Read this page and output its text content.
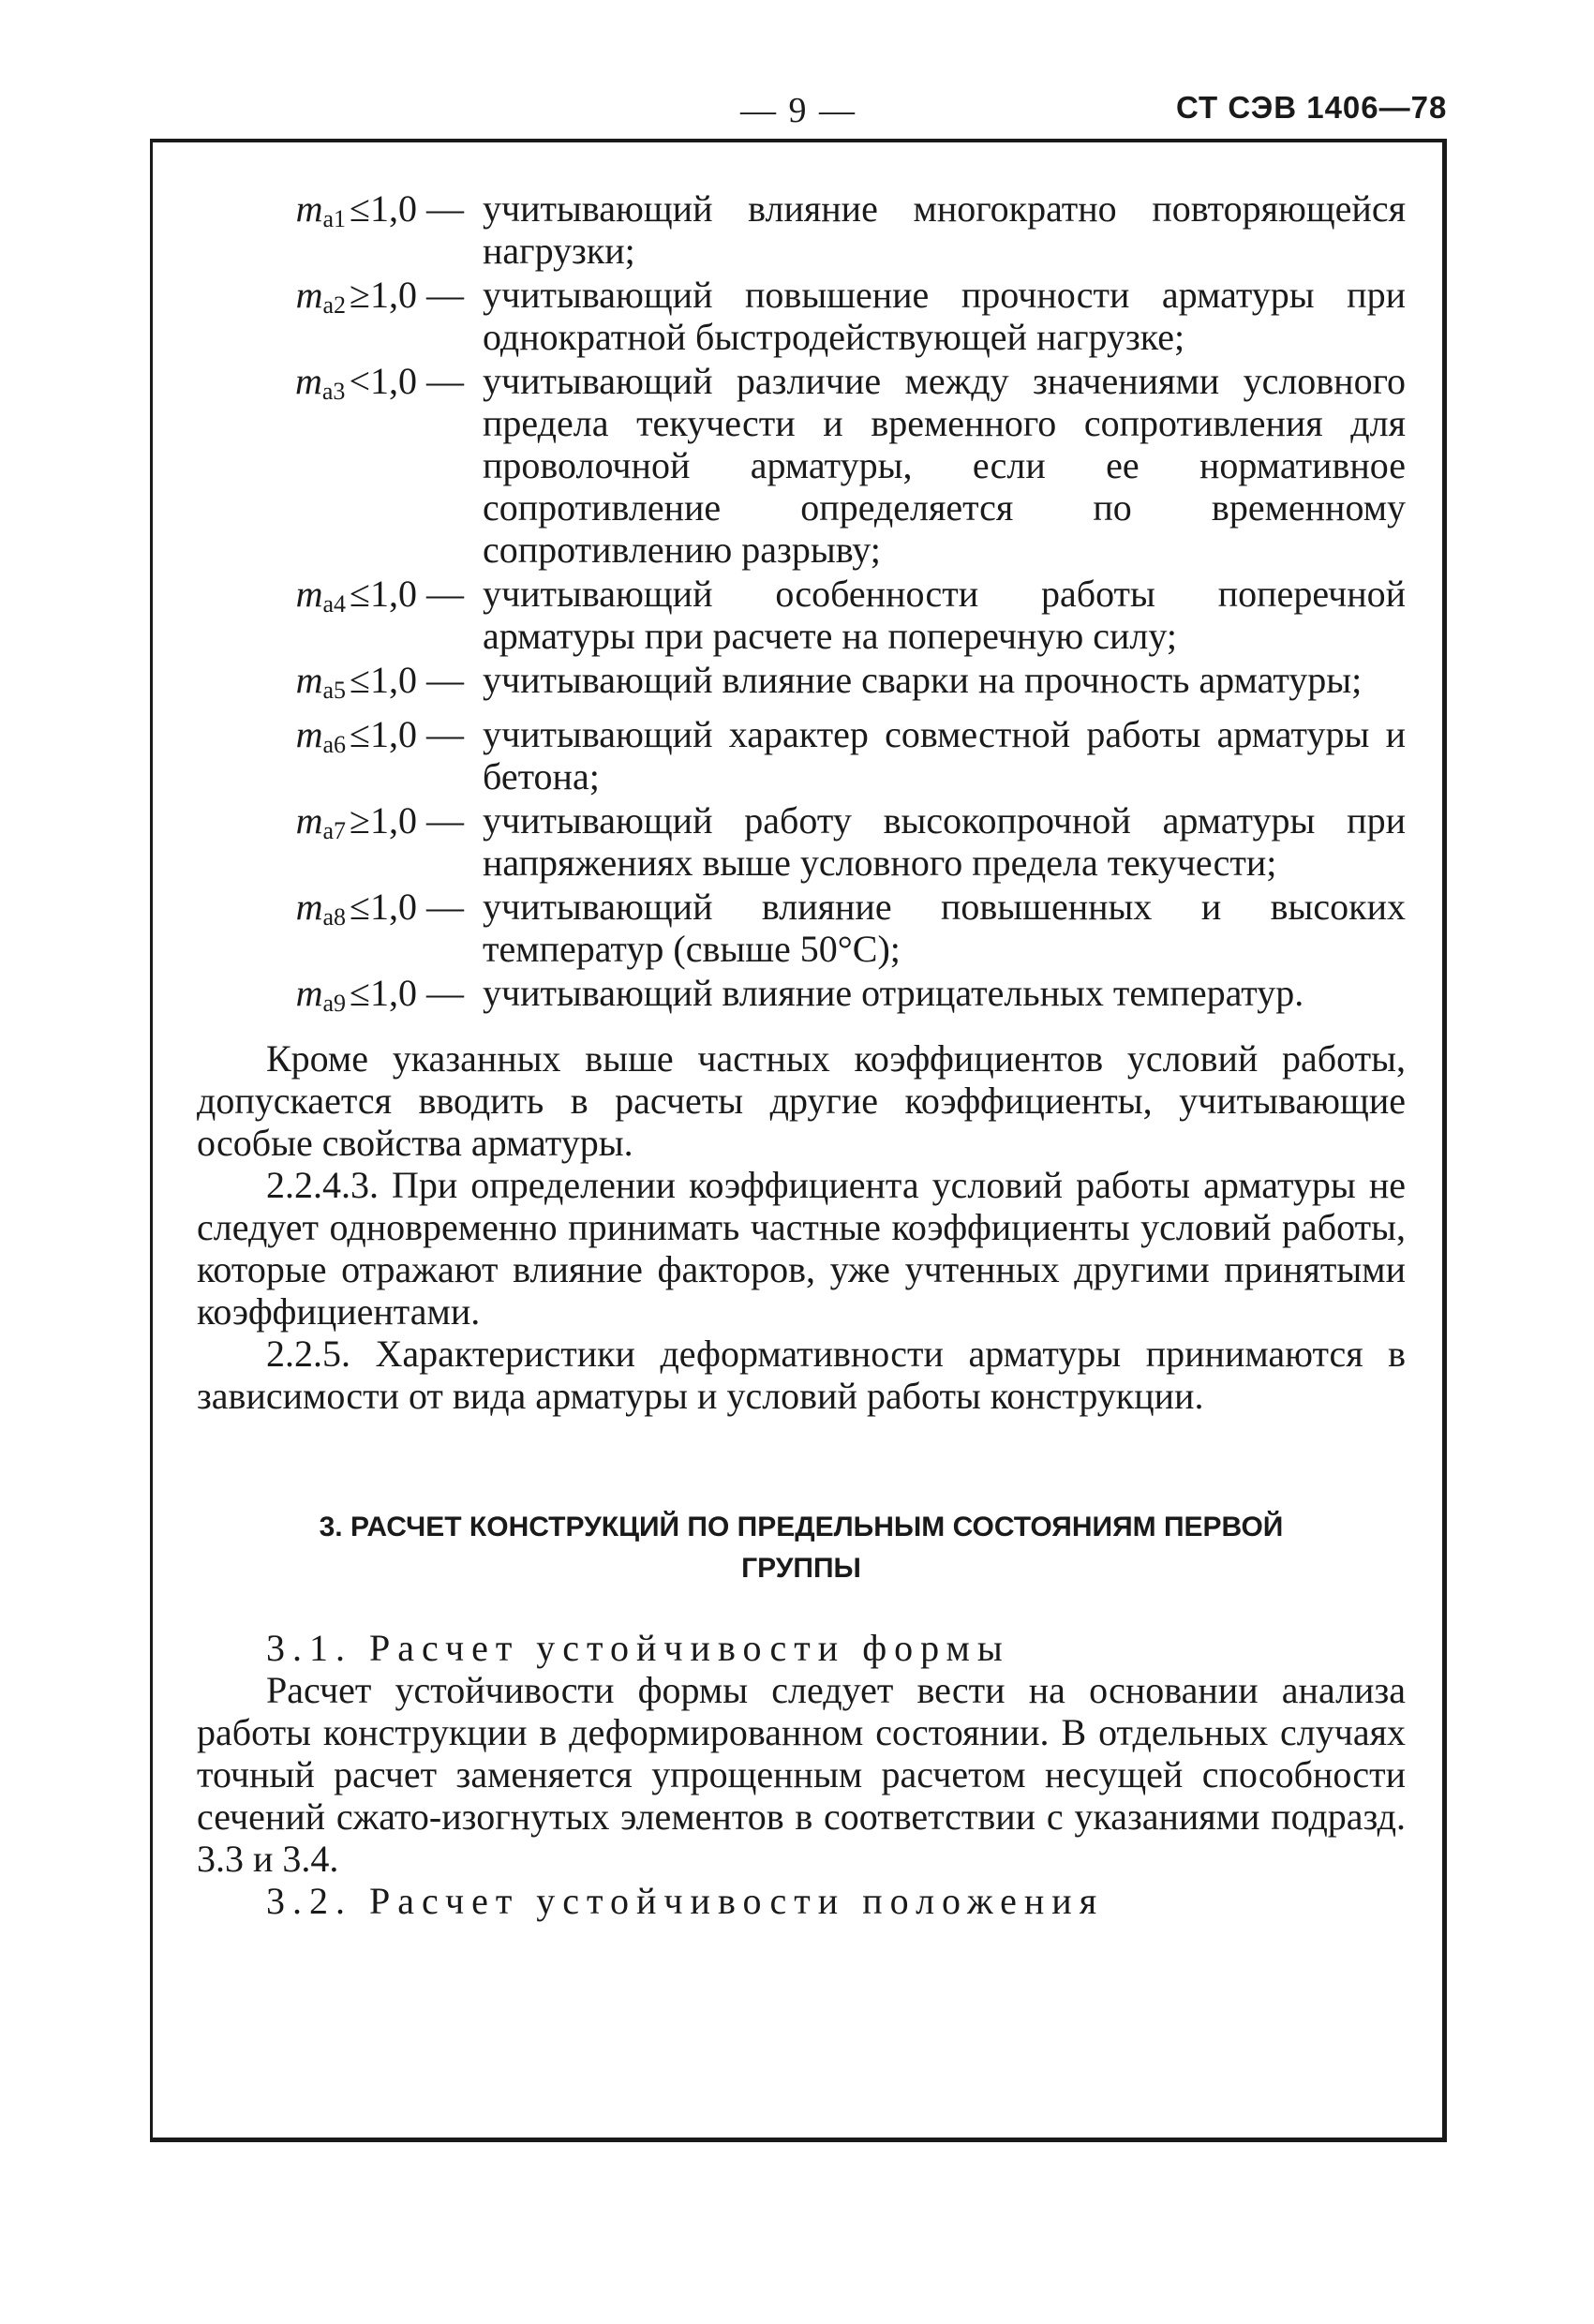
— 9 —	СТ СЭВ 1406—78
$m_{a1} \le 1,0$ — учитывающий влияние многократно повторяющейся нагрузки;
$m_{a2} \ge 1,0$ — учитывающий повышение прочности арматуры при однократной быстродействующей нагрузке;
$m_{a3} <1,0$ — учитывающий различие между значениями условного предела текучести и временного сопротивления для проволочной арматуры, если ее нормативное сопротивление определяется по временному сопротивлению разрыву;
$m_{a4} \le 1,0$ — учитывающий особенности работы поперечной арматуры при расчете на поперечную силу;
$m_{a5} \le 1,0$ — учитывающий влияние сварки на прочность арматуры;
$m_{a6} \le 1,0$ — учитывающий характер совместной работы арматуры и бетона;
$m_{a7} \ge 1,0$ — учитывающий работу высокопрочной арматуры при напряжениях выше условного предела текучести;
$m_{a8} \le 1,0$ — учитывающий влияние повышенных и высоких температур (свыше 50°С);
$m_{a9} \le 1,0$ — учитывающий влияние отрицательных температур.

Кроме указанных выше частных коэффициентов условий работы, допускается вводить в расчеты другие коэффициенты, учитывающие особые свойства арматуры.

2.2.4.3. При определении коэффициента условий работы арматуры не следует одновременно принимать частные коэффициенты условий работы, которые отражают влияние факторов, уже учтенных другими принятыми коэффициентами.

2.2.5. Характеристики деформативности арматуры принимаются в зависимости от вида арматуры и условий работы конструкции.

3. РАСЧЕТ КОНСТРУКЦИЙ ПО ПРЕДЕЛЬНЫМ СОСТОЯНИЯМ ПЕРВОЙ ГРУППЫ

3.1. Расчет устойчивости формы

Расчет устойчивости формы следует вести на основании анализа работы конструкции в деформированном состоянии. В отдельных случаях точный расчет заменяется упрощенным расчетом несущей способности сечений сжато-изогнутых элементов в соответствии с указаниями подразд. 3.3 и 3.4.

3.2. Расчет устойчивости положения
